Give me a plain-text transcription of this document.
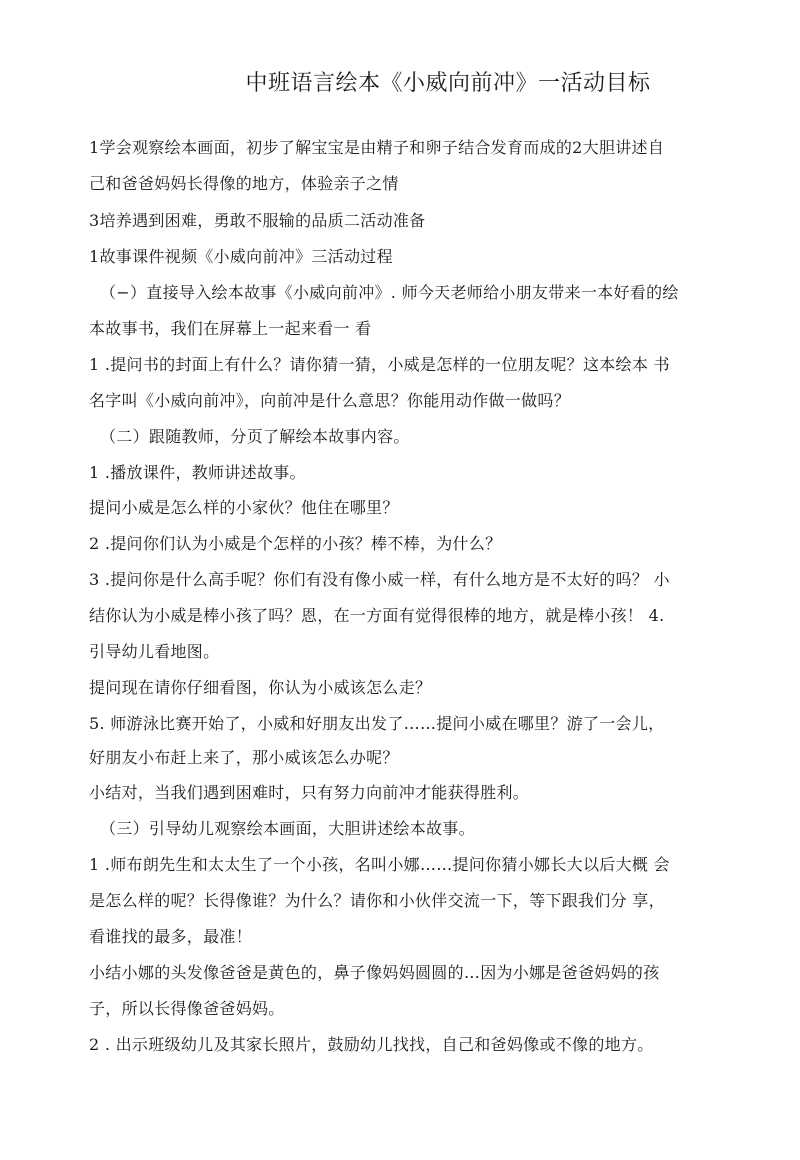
中班语言绘本《小威向前冲》一活动目标
1学会观察绘本画面，初步了解宝宝是由精子和卵子结合发育而成的2大胆讲述自
己和爸爸妈妈长得像的地方，体验亲子之情
3培养遇到困难，勇敢不服输的品质二活动准备
1故事课件视频《小威向前冲》三活动过程
（−）直接导入绘本故事《小威向前冲》. 师今天老师给小朋友带来一本好看的绘
本故事书，我们在屏幕上一起来看一 看
1 .提问书的封面上有什么？请你猜一猜，小威是怎样的一位朋友呢？这本绘本 书
名字叫《小威向前冲》，向前冲是什么意思？你能用动作做一做吗？
（二）跟随教师，分页了解绘本故事内容。
1 .播放课件，教师讲述故事。
提问小威是怎么样的小家伙？他住在哪里？
2 .提问你们认为小威是个怎样的小孩？棒不棒，为什么？
3 .提问你是什么高手呢？你们有没有像小威一样，有什么地方是不太好的吗？ 小
结你认为小威是棒小孩了吗？恩，在一方面有觉得很棒的地方，就是棒小孩！ 4.
引导幼儿看地图。
提问现在请你仔细看图，你认为小威该怎么走？
5. 师游泳比赛开始了，小威和好朋友出发了……提问小威在哪里？游了一会儿，
好朋友小布赶上来了，那小威该怎么办呢？
小结对，当我们遇到困难时，只有努力向前冲才能获得胜利。
（三）引导幼儿观察绘本画面，大胆讲述绘本故事。
1 .师布朗先生和太太生了一个小孩，名叫小娜……提问你猜小娜长大以后大概 会
是怎么样的呢？长得像谁？为什么？请你和小伙伴交流一下，等下跟我们分 享，
看谁找的最多，最准！
小结小娜的头发像爸爸是黄色的，鼻子像妈妈圆圆的…因为小娜是爸爸妈妈的孩
子，所以长得像爸爸妈妈。
2 . 出示班级幼儿及其家长照片，鼓励幼儿找找，自己和爸妈像或不像的地方。
